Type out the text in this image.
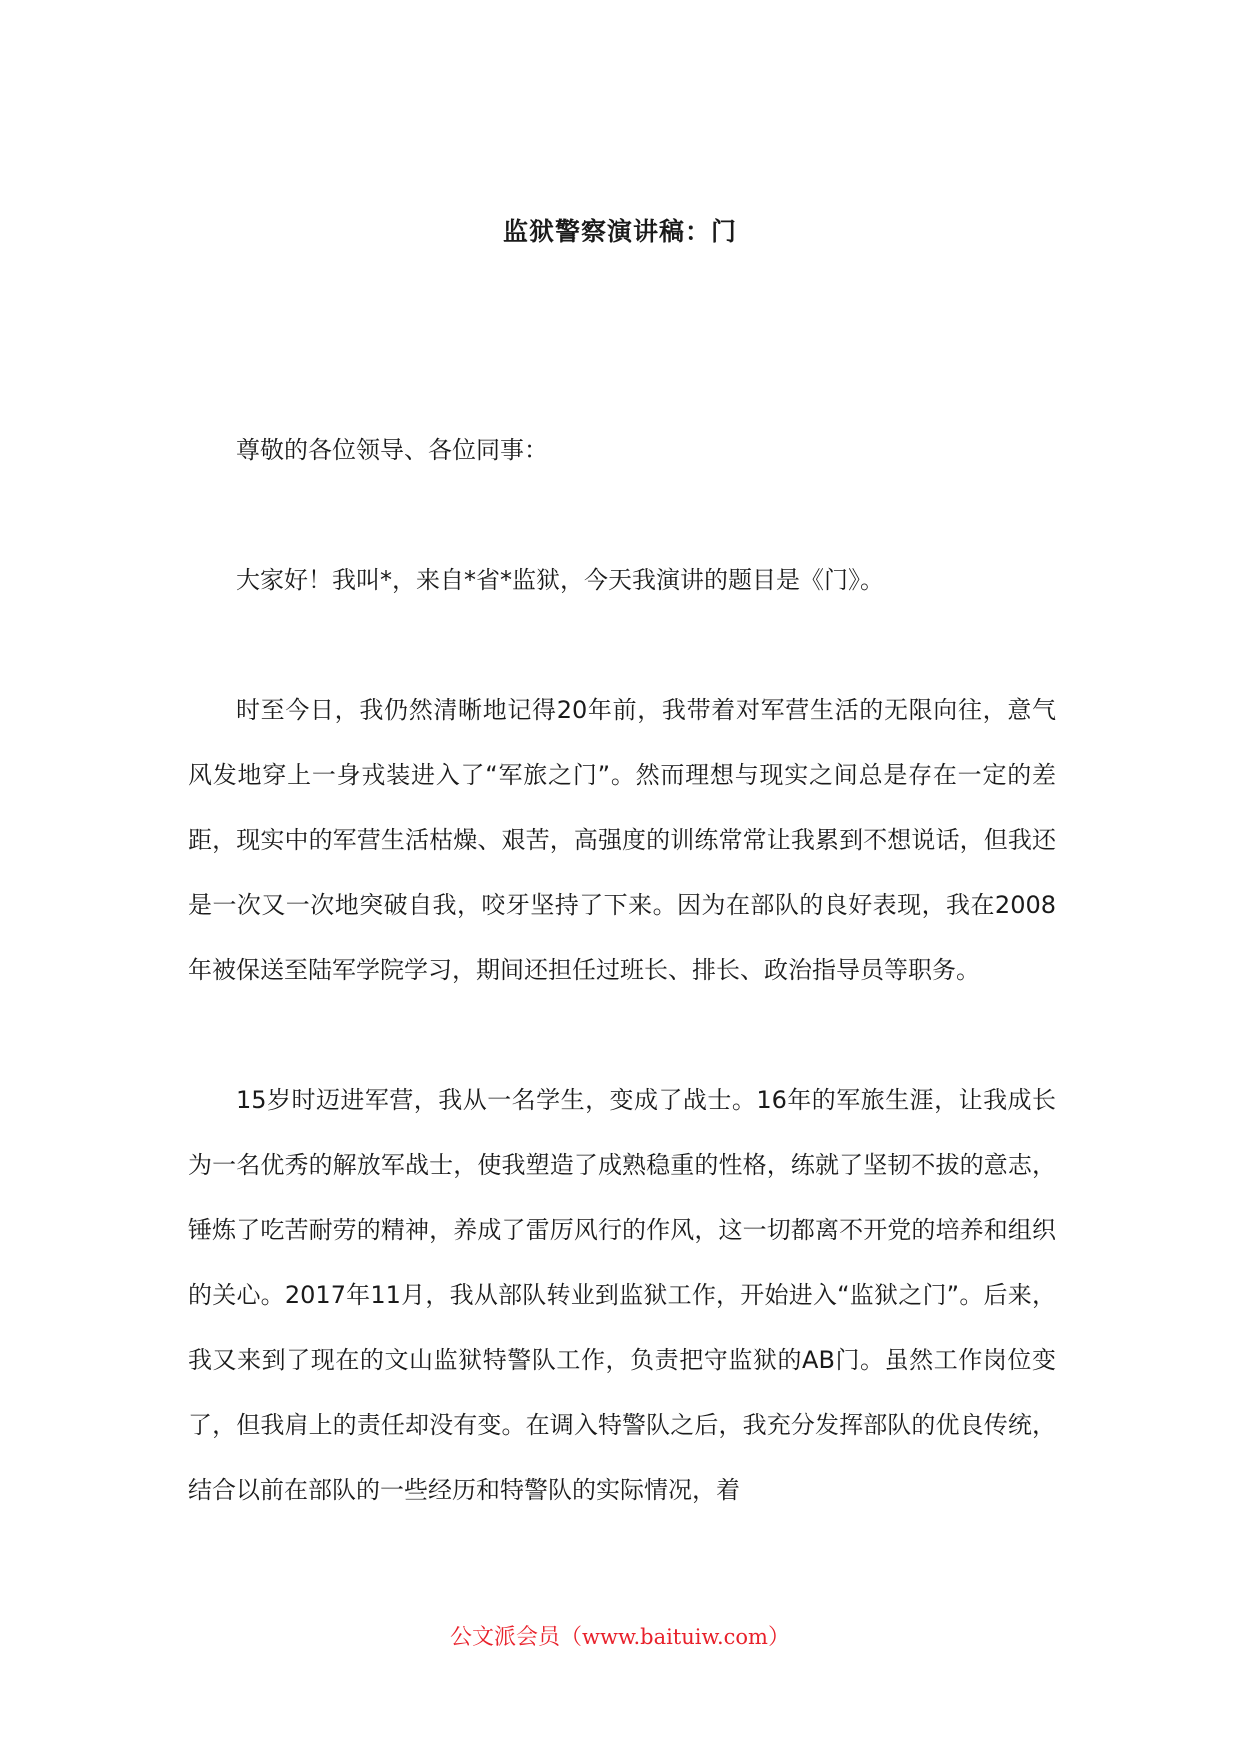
监狱警察演讲稿：门

尊敬的各位领导、各位同事：

大家好！我叫*，来自*省*监狱，今天我演讲的题目是《门》。

时至今日，我仍然清晰地记得20年前，我带着对军营生活的无限向往，意气风发地穿上一身戎装进入了“军旅之门”。然而理想与现实之间总是存在一定的差距，现实中的军营生活枯燥、艰苦，高强度的训练常常让我累到不想说话，但我还是一次又一次地突破自我，咬牙坚持了下来。因为在部队的良好表现，我在2008年被保送至陆军学院学习，期间还担任过班长、排长、政治指导员等职务。

15岁时迈进军营，我从一名学生，变成了战士。16年的军旅生涯，让我成长为一名优秀的解放军战士，使我塑造了成熟稳重的性格，练就了坚韧不拔的意志，锤炼了吃苦耐劳的精神，养成了雷厉风行的作风，这一切都离不开党的培养和组织的关心。2017年11月，我从部队转业到监狱工作，开始进入“监狱之门”。后来，我又来到了现在的文山监狱特警队工作，负责把守监狱的AB门。虽然工作岗位变了，但我肩上的责任却没有变。在调入特警队之后，我充分发挥部队的优良传统，结合以前在部队的一些经历和特警队的实际情况，着

公文派会员（www.baituiw.com）
